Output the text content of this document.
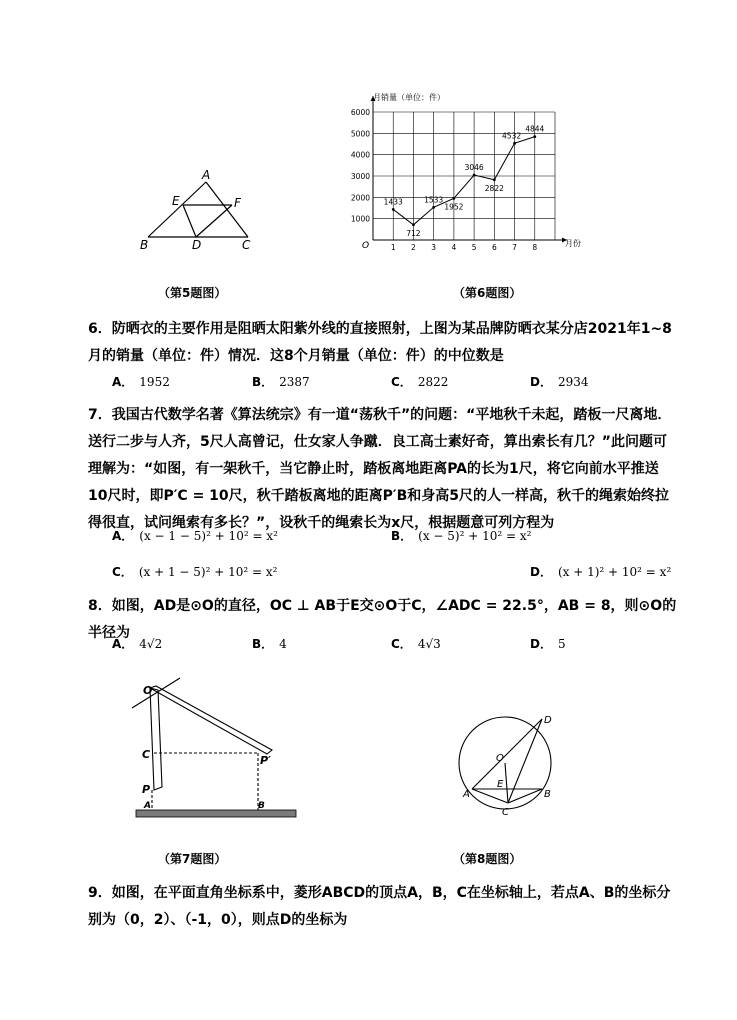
A
E	F
B	D	C
（第5题图）
1000
2000
3000
4000
5000
6000
1 2 3 4 5 6 7 8
1433
712
1533
1952
3046
2822
4532
4844
月销量（单位：件）
月份
O
（第6题图）
6．防晒衣的主要作用是阻晒太阳紫外线的直接照射，上图为某品牌防晒衣某分店2021年1~8月的销量（单位：件）情况．这8个月销量（单位：件）的中位数是
A． 1952	B． 2387	C． 2822	D． 2934
7．我国古代数学名著《算法统宗》有一道“荡秋千”的问题：“平地秋千未起，踏板一尺离地．送行二步与人齐，5尺人高曾记，仕女家人争蹴．良工高士素好奇，算出索长有几？”此问题可理解为：“如图，有一架秋千，当它静止时，踏板离地距离PA的长为1尺，将它向前水平推送10尺时，即P′C = 10尺，秋千踏板离地的距离P′B和身高5尺的人一样高，秋千的绳索始终拉得很直，试问绳索有多长？”，设秋千的绳索长为x尺，根据题意可列方程为
A． (x − 1 − 5)² + 10² = x²	B． (x − 5)² + 10² = x²
C． (x + 1 − 5)² + 10² = x²	D． (x + 1)² + 10² = x²
8．如图，AD是⊙O的直径，OC ⊥ AB于E交⊙O于C，∠ADC = 22.5°，AB = 8，则⊙O的半径为
A． 4√2	B． 4	C． 4√3	D． 5
O
C
P
A
P′
B
（第7题图）
D
O
E
A
C
B
（第8题图）
9．如图，在平面直角坐标系中，菱形ABCD的顶点A，B，C在坐标轴上，若点A、B的坐标分别为（0，2）、（-1，0），则点D的坐标为
